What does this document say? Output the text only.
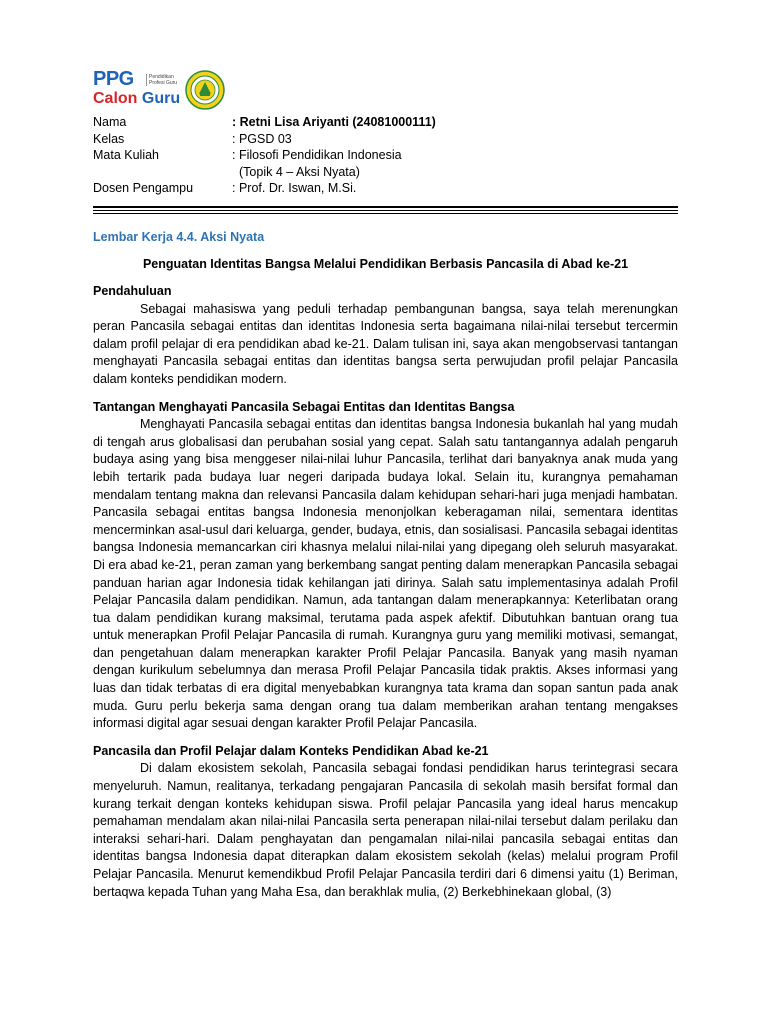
PPG	Pendidikan Profesi Guru
Calon Guru
Nama	: Retni Lisa Ariyanti (24081000111)
Kelas	: PGSD 03
Mata Kuliah	: Filosofi Pendidikan Indonesia
(Topik 4 – Aksi Nyata)
Dosen Pengampu	: Prof. Dr. Iswan, M.Si.
Lembar Kerja 4.4. Aksi Nyata
Penguatan Identitas Bangsa Melalui Pendidikan Berbasis Pancasila di Abad ke-21
Pendahuluan

Sebagai mahasiswa yang peduli terhadap pembangunan bangsa, saya telah merenungkan peran Pancasila sebagai entitas dan identitas Indonesia serta bagaimana nilai-nilai tersebut tercermin dalam profil pelajar di era pendidikan abad ke-21. Dalam tulisan ini, saya akan mengobservasi tantangan menghayati Pancasila sebagai entitas dan identitas bangsa serta perwujudan profil pelajar Pancasila dalam konteks pendidikan modern.

Tantangan Menghayati Pancasila Sebagai Entitas dan Identitas Bangsa

Menghayati Pancasila sebagai entitas dan identitas bangsa Indonesia bukanlah hal yang mudah di tengah arus globalisasi dan perubahan sosial yang cepat. Salah satu tantangannya adalah pengaruh budaya asing yang bisa menggeser nilai-nilai luhur Pancasila, terlihat dari banyaknya anak muda yang lebih tertarik pada budaya luar negeri daripada budaya lokal. Selain itu, kurangnya pemahaman mendalam tentang makna dan relevansi Pancasila dalam kehidupan sehari-hari juga menjadi hambatan. Pancasila sebagai entitas bangsa Indonesia menonjolkan keberagaman nilai, sementara identitas mencerminkan asal-usul dari keluarga, gender, budaya, etnis, dan sosialisasi. Pancasila sebagai identitas bangsa Indonesia memancarkan ciri khasnya melalui nilai-nilai yang dipegang oleh seluruh masyarakat. Di era abad ke-21, peran zaman yang berkembang sangat penting dalam menerapkan Pancasila sebagai panduan harian agar Indonesia tidak kehilangan jati dirinya. Salah satu implementasinya adalah Profil Pelajar Pancasila dalam pendidikan. Namun, ada tantangan dalam menerapkannya: Keterlibatan orang tua dalam pendidikan kurang maksimal, terutama pada aspek afektif. Dibutuhkan bantuan orang tua untuk menerapkan Profil Pelajar Pancasila di rumah. Kurangnya guru yang memiliki motivasi, semangat, dan pengetahuan dalam menerapkan karakter Profil Pelajar Pancasila. Banyak yang masih nyaman dengan kurikulum sebelumnya dan merasa Profil Pelajar Pancasila tidak praktis. Akses informasi yang luas dan tidak terbatas di era digital menyebabkan kurangnya tata krama dan sopan santun pada anak muda. Guru perlu bekerja sama dengan orang tua dalam memberikan arahan tentang mengakses informasi digital agar sesuai dengan karakter Profil Pelajar Pancasila.

Pancasila dan Profil Pelajar dalam Konteks Pendidikan Abad ke-21

Di dalam ekosistem sekolah, Pancasila sebagai fondasi pendidikan harus terintegrasi secara menyeluruh. Namun, realitanya, terkadang pengajaran Pancasila di sekolah masih bersifat formal dan kurang terkait dengan konteks kehidupan siswa. Profil pelajar Pancasila yang ideal harus mencakup pemahaman mendalam akan nilai-nilai Pancasila serta penerapan nilai-nilai tersebut dalam perilaku dan interaksi sehari-hari. Dalam penghayatan dan pengamalan nilai-nilai pancasila sebagai entitas dan identitas bangsa Indonesia dapat diterapkan dalam ekosistem sekolah (kelas) melalui program Profil Pelajar Pancasila. Menurut kemendikbud Profil Pelajar Pancasila terdiri dari 6 dimensi yaitu (1) Beriman, bertaqwa kepada Tuhan yang Maha Esa, dan berakhlak mulia, (2) Berkebhinekaan global, (3)
